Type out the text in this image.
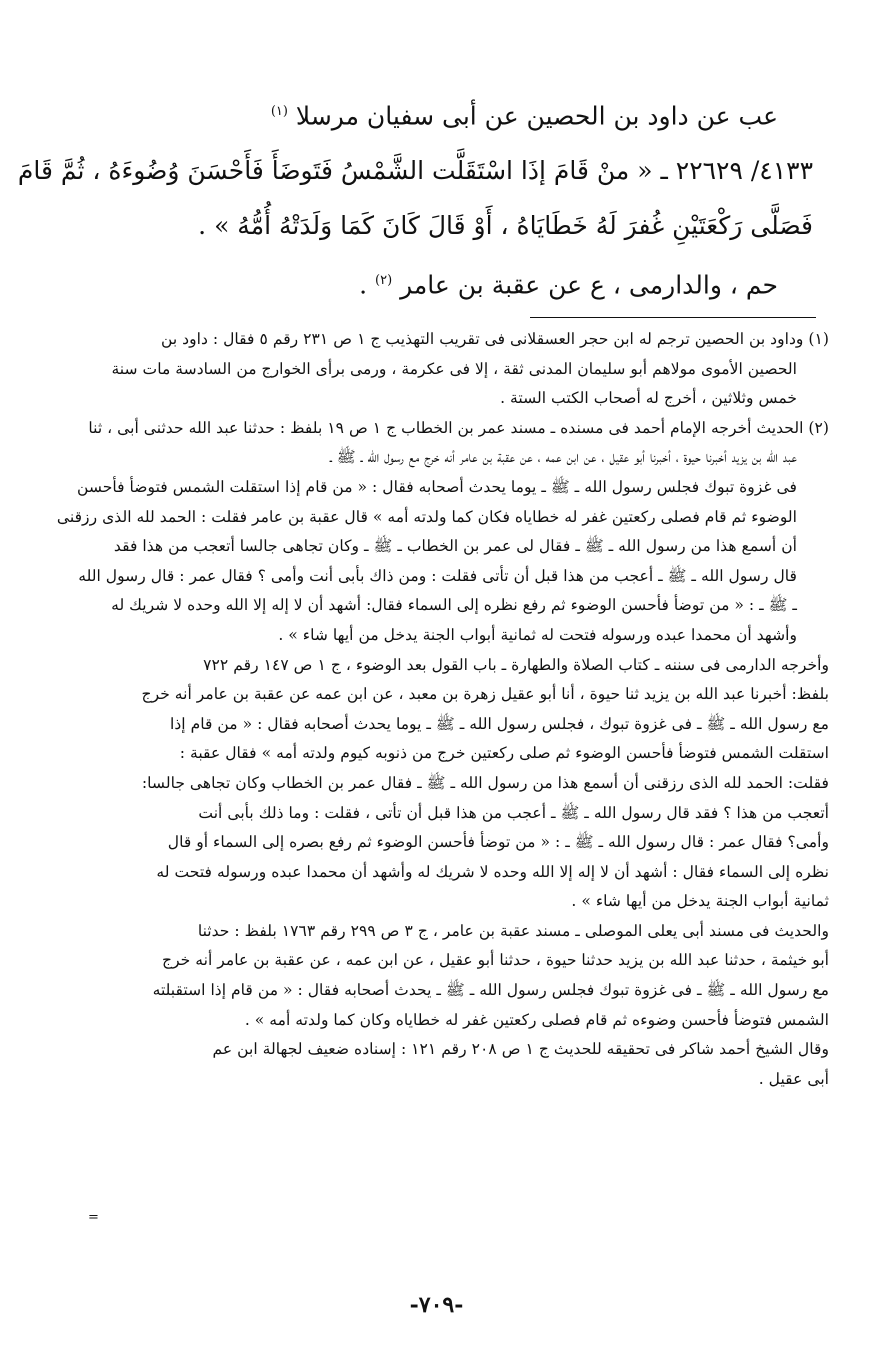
عب عن داود بن الحصين عن أبى سفيان مرسلا $^{(١)}$

٤١٣٣/ ٢٢٦٢٩ ـ « منْ قَامَ إذَا اسْتَقَلَّت الشَّمْسُ فَتَوضَأَ فَأَحْسَنَ وُضُوءَهُ ، ثُمَّ قَامَ

فَصَلَّى رَكْعَتَيْنِ غُفرَ لَهُ خَطَايَاهُ ، أَوْ قَالَ كَانَ كَمَا وَلَدَتْهُ أُمُّهُ » .

حم ، والدارمى ، ع عن عقبة بن عامر $^{(٢)}$ .

(١) وداود بن الحصين ترجم له ابن حجر العسقلانى فى تقريب التهذيب ج ١ ص ٢٣١ رقم ٥ فقال : داود بن

الحصين الأموى مولاهم أبو سليمان المدنى ثقة ، إلا فى عكرمة ، ورمى برأى الخوارج من السادسة مات سنة

خمس وثلاثين ، أخرج له أصحاب الكتب الستة .

(٢) الحديث أخرجه الإمام أحمد فى مسنده ـ مسند عمر بن الخطاب ج ١ ص ١٩ بلفظ : حدثنا عبد الله حدثنى أبى ، ثنا

عبد الله بن يزيد أخبرنا حيوة ، أخبرنا أبو عقيل ، عن ابن عمه ، عن عقبة بن عامر أنه خرج مع رسول الله ـ ﷺ ـ

فى غزوة تبوك فجلس رسول الله ـ ﷺ ـ يوما يحدث أصحابه فقال : « من قام إذا استقلت الشمس فتوضأ فأحسن

الوضوء ثم قام فصلى ركعتين غفر له خطاياه فكان كما ولدته أمه » قال عقبة بن عامر فقلت : الحمد لله الذى رزقنى

أن أسمع هذا من رسول الله ـ ﷺ ـ فقال لى عمر بن الخطاب ـ ﷺ ـ وكان تجاهى جالسا أتعجب من هذا فقد

قال رسول الله ـ ﷺ ـ أعجب من هذا قبل أن تأتى فقلت : ومن ذاك بأبى أنت وأمى ؟ فقال عمر : قال رسول الله

ـ ﷺ ـ : « من توضأ فأحسن الوضوء ثم رفع نظره إلى السماء فقال: أشهد أن لا إله إلا الله وحده لا شريك له

وأشهد أن محمدا عبده ورسوله فتحت له ثمانية أبواب الجنة يدخل من أيها شاء » .

وأخرجه الدارمى فى سننه ـ كتاب الصلاة والطهارة ـ باب القول بعد الوضوء ، ج ١ ص ١٤٧ رقم ٧٢٢

بلفظ: أخبرنا عبد الله بن يزيد ثنا حيوة ، أنا أبو عقيل زهرة بن معبد ، عن ابن عمه عن عقبة بن عامر أنه خرج

مع رسول الله ـ ﷺ ـ فى غزوة تبوك ، فجلس رسول الله ـ ﷺ ـ يوما يحدث أصحابه فقال : « من قام إذا

استقلت الشمس فتوضأ فأحسن الوضوء ثم صلى ركعتين خرج من ذنوبه كيوم ولدته أمه » فقال عقبة :

فقلت: الحمد لله الذى رزقنى أن أسمع هذا من رسول الله ـ ﷺ ـ فقال عمر بن الخطاب وكان تجاهى جالسا:

أتعجب من هذا ؟ فقد قال رسول الله ـ ﷺ ـ أعجب من هذا قبل أن تأتى ، فقلت : وما ذلك بأبى أنت

وأمى؟ فقال عمر : قال رسول الله ـ ﷺ ـ : « من توضأ فأحسن الوضوء ثم رفع بصره إلى السماء أو قال

نظره إلى السماء فقال : أشهد أن لا إله إلا الله وحده لا شريك له وأشهد أن محمدا عبده ورسوله فتحت له

ثمانية أبواب الجنة يدخل من أيها شاء » .

والحديث فى مسند أبى يعلى الموصلى ـ مسند عقبة بن عامر ، ج ٣ ص ٢٩٩ رقم ١٧٦٣ بلفظ : حدثنا

أبو خيثمة ، حدثنا عبد الله بن يزيد حدثنا حيوة ، حدثنا أبو عقيل ، عن ابن عمه ، عن عقبة بن عامر أنه خرج

مع رسول الله ـ ﷺ ـ فى غزوة تبوك فجلس رسول الله ـ ﷺ ـ يحدث أصحابه فقال : « من قام إذا استقبلته

الشمس فتوضأ فأحسن وضوءه ثم قام فصلى ركعتين غفر له خطاياه وكان كما ولدته أمه » .

وقال الشيخ أحمد شاكر فى تحقيقه للحديث ج ١ ص ٢٠٨ رقم ١٢١ : إسناده ضعيف لجهالة ابن عم

أبى عقيل .

=
-٧٠٩-
